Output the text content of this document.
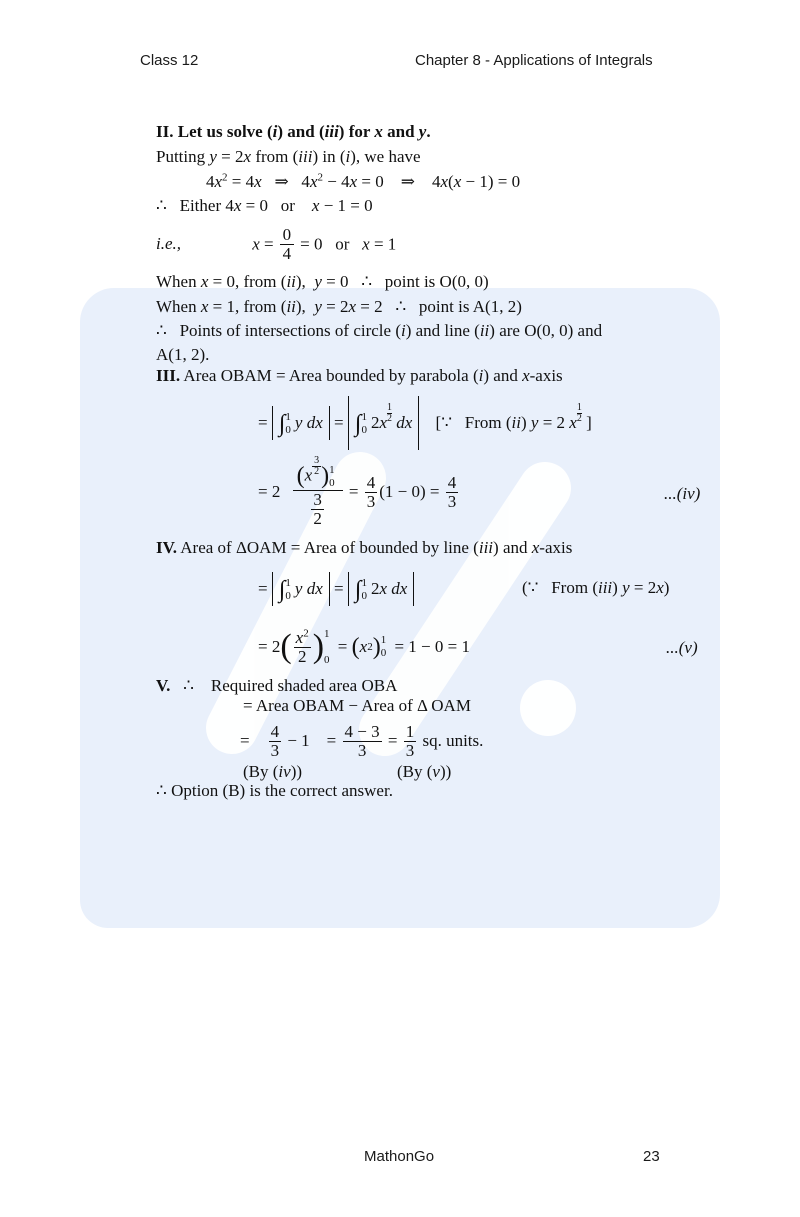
Class 12	Chapter 8 - Applications of Integrals
II. Let us solve (i) and (iii) for x and y.
Putting y = 2x from (iii) in (i), we have
$4x^2 = 4x$   ⇒   $4x^2 - 4x = 0$    ⇒    4x(x − 1) = 0
∴   Either 4x = 0   or    x − 1 = 0
i.e.,	$x = \frac{0}{4} = 0$   or   x = 1
When x = 0, from (ii),  y = 0   ∴   point is O(0, 0)
When x = 1, from (ii),  y = 2x = 2   ∴   point is A(1, 2)
∴   Points of intersections of circle (i) and line (ii) are O(0, 0) and
A(1, 2).
III. Area OBAM = Area bounded by parabola (i) and x-axis
= ∫ 1
0 y dx = ∫ 1
0 $2x \frac{1}{2}$ dx [∵   From (ii) y = 2 x $\frac{1}{2}$ ]
= 2 ($x \frac{3}{2}$ ) 1
0
$\frac{3}{2} = \frac{4}{3} (1 - 0) = \frac{4}{3}$	...(iv)
IV. Area of ΔOAM = Area of bounded by line (iii) and x-axis
= ∫ 1
0 y dx = ∫ 1
0 2x dx	(∵   From (iii) y = 2x)
= $2( \frac{x^2}{2}$ ) 1

0
= (x2) 1
0 = 1 − 0 = 1	...(v)
V.   ∴    Required shaded area OBA
= Area OBAM − Area of Δ OAM
= $\frac{4}{3} - 1$    = $\frac{4 - 3}{3} = \frac{1}{3}$ sq. units.
(By (iv))	(By (v))
∴ Option (B) is the correct answer.
MathonGo	23
